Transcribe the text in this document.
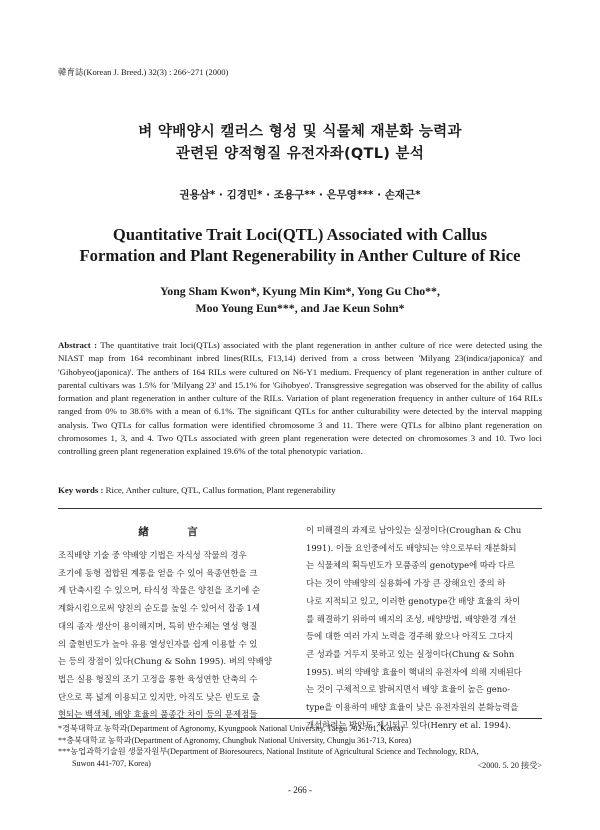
韓育誌(Korean J. Breed.) 32(3) : 266~271 (2000)
벼 약배양시 캘러스 형성 및 식물체 재분화 능력과
관련된 양적형질 유전자좌(QTL) 분석
권용삼* · 김경민* · 조용구** · 은무영*** · 손재근*
Quantitative Trait Loci(QTL) Associated with Callus
Formation and Plant Regenerability in Anther Culture of Rice
Yong Sham Kwon*, Kyung Min Kim*, Yong Gu Cho**,
Moo Young Eun***, and Jae Keun Sohn*
Abstract : The quantitative trait loci(QTLs) associated with the plant regeneration in anther culture of rice were detected using the NIAST map from 164 recombinant inbred lines(RILs, F13,14) derived from a cross between 'Milyang 23(indica/japonica)' and 'Gihobyeo(japonica)'. The anthers of 164 RILs were cultured on N6-Y1 medium. Frequency of plant regeneration in anther culture of parental cultivars was 1.5% for 'Milyang 23' and 15.1% for 'Gihobyeo'. Transgressive segregation was observed for the ability of callus formation and plant regeneration in anther culture of the RILs. Variation of plant regeneration frequency in anther culture of 164 RILs ranged from 0% to 38.6% with a mean of 6.1%. The significant QTLs for anther culturability were detected by the interval mapping analysis. Two QTLs for callus formation were identified chromosome 3 and 11. There were QTLs for albino plant regeneration on chromosomes 1, 3, and 4. Two QTLs associated with green plant regeneration were detected on chromosomes 3 and 10. Two loci controlling green plant regeneration explained 19.6% of the total phenotypic variation.
Key words : Rice, Anther culture, QTL, Callus formation, Plant regenerability
緖　言
조직배양 기술 중 약배양 기법은 자식성 작물의 경우
조기에 동형 접합된 계통을 얻을 수 있어 육종연한을 크
게 단축시킬 수 있으며, 타식성 작물은 양친을 조기에 순
계화시킴으로써 양친의 순도를 높일 수 있어서 잡종 1세
대의 종자 생산이 용이해지며, 특히 반수체는 열성 형질
의 출현빈도가 높아 유용 열성인자를 쉽게 이용할 수 있
는 등의 장점이 있다(Chung & Sohn 1995). 벼의 약배양
법은 실용 형질의 조기 고정을 통한 육성연한 단축의 수
단으로 폭 넓게 이용되고 있지만, 아직도 낮은 빈도로 출
현되는 백색체, 배양 효율의 품종간 차이 등의 문제점들
이 미해결의 과제로 남아있는 실정이다(Croughan & Chu
1991). 이들 요인중에서도 배양되는 약으로부터 재분화되
는 식물체의 획득빈도가 모품종의 genotype에 따라 다르
다는 것이 약배양의 실용화에 가장 큰 장해요인 중의 하
나로 지적되고 있고, 이러한 genotype간 배양 효율의 차이
를 해결하기 위하여 배지의 조성, 배양방법, 배양환경 개선
등에 대한 여러 가지 노력을 경주해 왔으나 아직도 그다지
큰 성과를 거두지 못하고 있는 실정이다(Chung & Sohn
1995). 벼의 약배양 효율이 핵내의 유전자에 의해 지배된다
는 것이 구체적으로 밝혀지면서 배양 효율이 높은 geno-
type을 이용하여 배양 효율이 낮은 유전자원의 분화능력을
개선하려는 방안도 제시되고 있다(Henry et al. 1994).
*경북대학교 농학과(Department of Agronomy, Kyungpook National University, Taegu 702-701, Korea)
**충북대학교 농학과(Department of Agronomy, Chungbuk National University, Chungju 361-713, Korea)
***농업과학기술원 생물자원부(Department of Bioresourecs, National Institute of Agricultural Science and Technology, RDA,
Suwon 441-707, Korea)	<2000. 5. 20 接受>
- 266 -
